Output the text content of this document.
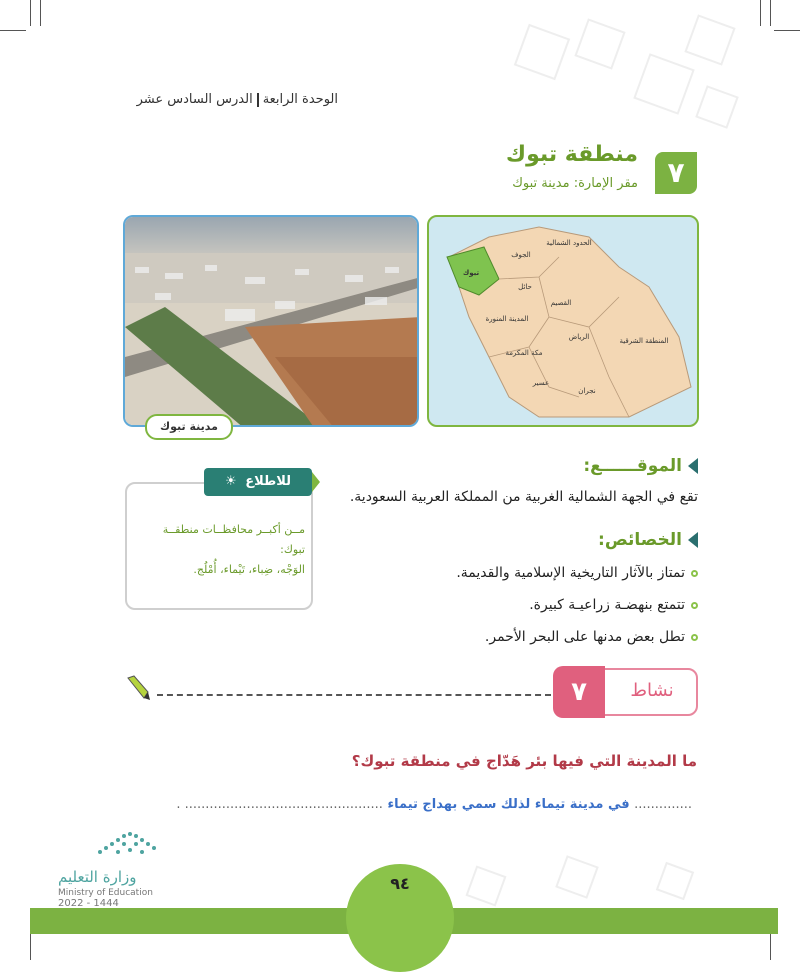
الوحدة الرابعةالدرس السادس عشر
٧
منطقة تبوك
مقر الإمارة: مدينة تبوك
مدينة تبوك
تبوك
الجوف
الحدود الشمالية
حائل
القصيم
المدينة المنورة
الرياض	المنطقة الشرقية
مكة المكرمة
عسير
نجران
الموقــــــع:
تقع في الجهة الشمالية الغربية من المملكة العربية السعودية.
الخصائص:
تمتاز بالآثار التاريخية الإسلامية والقديمة.
تتمتع بنهضـة زراعيـة كبيرة.
تطل بعض مدنها على البحر الأحمر.
للاطلاع ☀
مــن أكبــر محافظــات منطقــة
تبوك:
الوَجْه، ضِباء، تَيْماء، أُمْلُج.
٧	نشاط
ما المدينة التي فيها بئر هَدّاج في منطقة تبوك؟
.............. في مدينة تيماء لذلك سمي بهداج تيماء ................................................ .
٩٤
وزارة التعليم
Ministry of Education
2022 - 1444
